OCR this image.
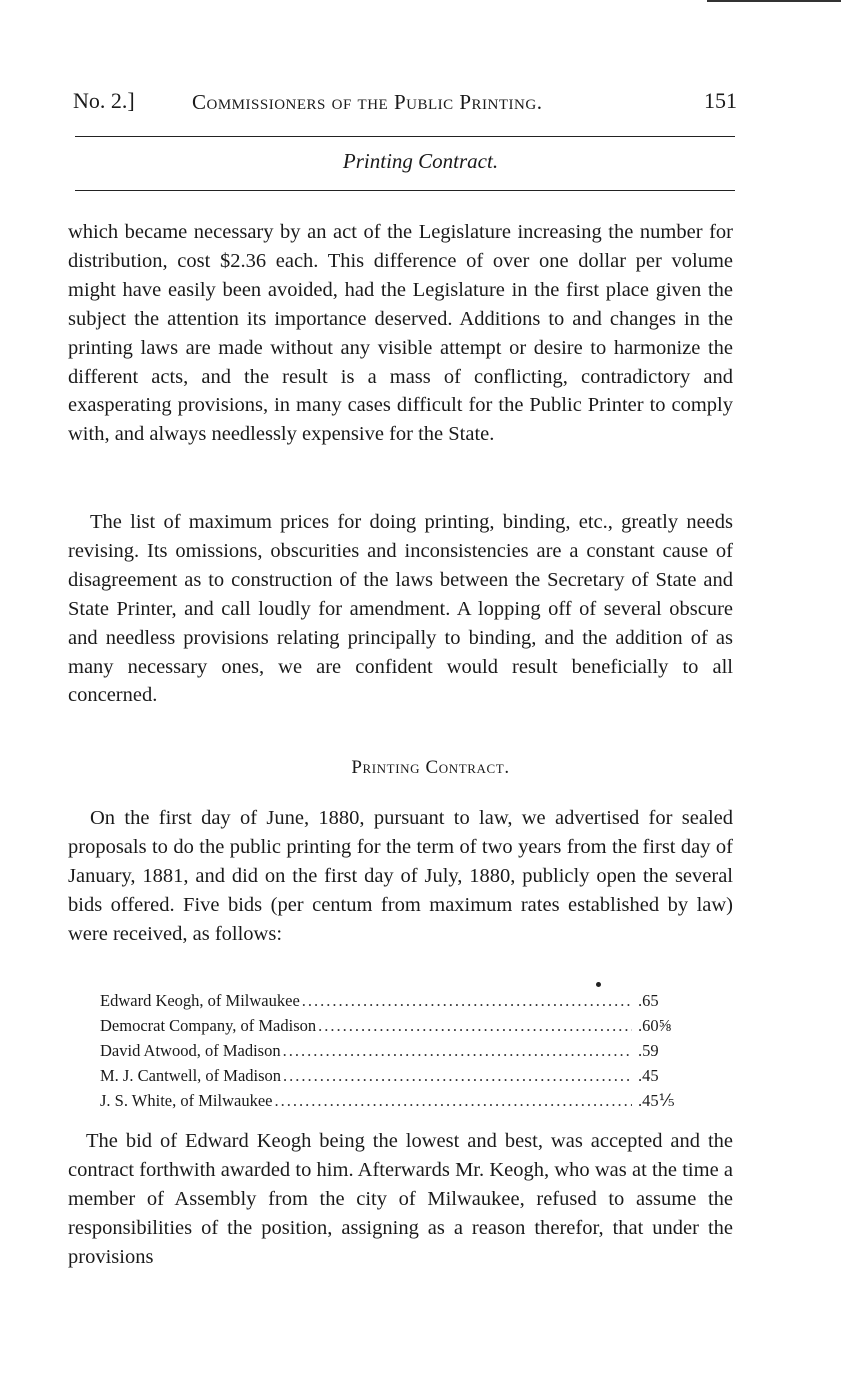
No. 2.]	Commissioners of the Public Printing.	151
Printing Contract.

which became necessary by an act of the Legislature increasing the number for distribution, cost $2.36 each. This difference of over one dollar per volume might have easily been avoided, had the Legislature in the first place given the subject the attention its importance deserved. Additions to and changes in the printing laws are made without any visible attempt or desire to harmonize the different acts, and the result is a mass of conflicting, contradictory and exasperating provisions, in many cases difficult for the Public Printer to comply with, and always needlessly expensive for the State.

The list of maximum prices for doing printing, binding, etc., greatly needs revising. Its omissions, obscurities and inconsistencies are a constant cause of disagreement as to construction of the laws between the Secretary of State and State Printer, and call loudly for amendment. A lopping off of several obscure and needless provisions relating principally to binding, and the addition of as many necessary ones, we are confident would result beneficially to all concerned.

Printing Contract.

On the first day of June, 1880, pursuant to law, we advertised for sealed proposals to do the public printing for the term of two years from the first day of January, 1881, and did on the first day of July, 1880, publicly open the several bids offered. Five bids (per centum from maximum rates established by law) were received, as follows:

Edward Keogh, of Milwaukee .....	.65
Democrat Company, of Madison .....	.60⅝
David Atwood, of Madison .....	.59
M. J. Cantwell, of Madison .....	.45
J. S. White, of Milwaukee .....	.45⅕

The bid of Edward Keogh being the lowest and best, was accepted and the contract forthwith awarded to him. Afterwards Mr. Keogh, who was at the time a member of Assembly from the city of Milwaukee, refused to assume the responsibilities of the position, assigning as a reason therefor, that under the provisions
